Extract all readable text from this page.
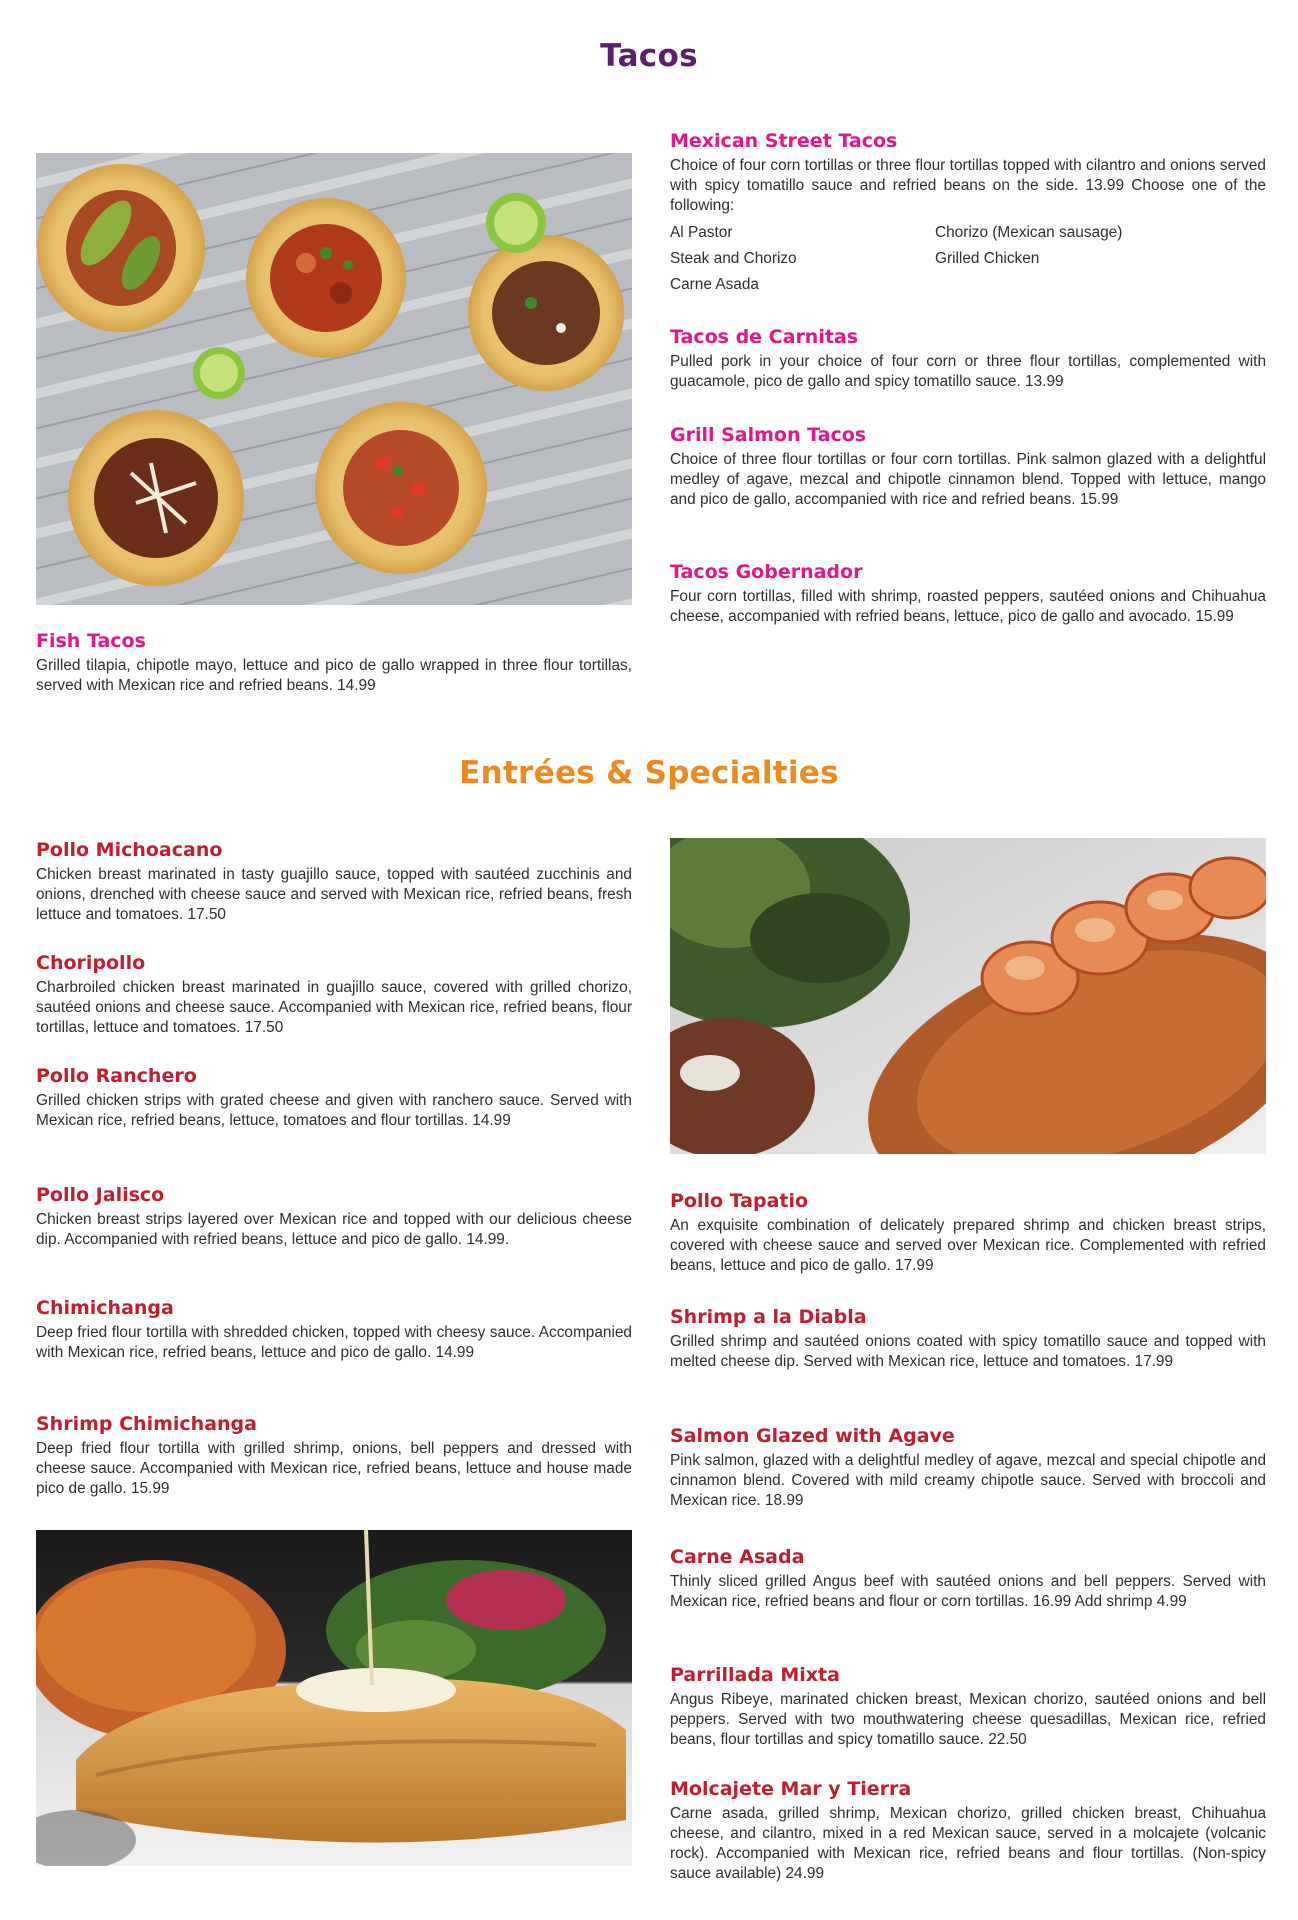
Tacos
Mexican Street Tacos

Choice of four corn tortillas or three flour tortillas topped with cilantro and onions served with spicy tomatillo sauce and refried beans on the side. 13.99 Choose one of the following:

Al Pastor	Chorizo (Mexican sausage)
Steak and Chorizo	Grilled Chicken
Carne Asada
Tacos de Carnitas

Pulled pork in your choice of four corn or three flour tortillas, complemented with guacamole, pico de gallo and spicy tomatillo sauce. 13.99

Grill Salmon Tacos

Choice of three flour tortillas or four corn tortillas. Pink salmon glazed with a delightful medley of agave, mezcal and chipotle cinnamon blend. Topped with lettuce, mango and pico de gallo, accompanied with rice and refried beans. 15.99

Tacos Gobernador

Four corn tortillas, filled with shrimp, roasted peppers, sautéed onions and Chihuahua cheese, accompanied with refried beans, lettuce, pico de gallo and avocado. 15.99

Fish Tacos

Grilled tilapia, chipotle mayo, lettuce and pico de gallo wrapped in three flour tortillas, served with Mexican rice and refried beans. 14.99

Entrées & Specialties
Pollo Michoacano

Chicken breast marinated in tasty guajillo sauce, topped with sautéed zucchinis and onions, drenched with cheese sauce and served with Mexican rice, refried beans, fresh lettuce and tomatoes. 17.50

Choripollo

Charbroiled chicken breast marinated in guajillo sauce, covered with grilled chorizo, sautéed onions and cheese sauce. Accompanied with Mexican rice, refried beans, flour tortillas, lettuce and tomatoes. 17.50

Pollo Ranchero

Grilled chicken strips with grated cheese and given with ranchero sauce. Served with Mexican rice, refried beans, lettuce, tomatoes and flour tortillas. 14.99

Pollo Jalisco

Chicken breast strips layered over Mexican rice and topped with our delicious cheese dip. Accompanied with refried beans, lettuce and pico de gallo. 14.99.

Chimichanga

Deep fried flour tortilla with shredded chicken, topped with cheesy sauce. Accompanied with Mexican rice, refried beans, lettuce and pico de gallo. 14.99

Shrimp Chimichanga

Deep fried flour tortilla with grilled shrimp, onions, bell peppers and dressed with cheese sauce. Accompanied with Mexican rice, refried beans, lettuce and house made pico de gallo. 15.99

Pollo Tapatio

An exquisite combination of delicately prepared shrimp and chicken breast strips, covered with cheese sauce and served over Mexican rice. Complemented with refried beans, lettuce and pico de gallo. 17.99

Shrimp a la Diabla

Grilled shrimp and sautéed onions coated with spicy tomatillo sauce and topped with melted cheese dip. Served with Mexican rice, lettuce and tomatoes. 17.99

Salmon Glazed with Agave

Pink salmon, glazed with a delightful medley of agave, mezcal and special chipotle and cinnamon blend. Covered with mild creamy chipotle sauce. Served with broccoli and Mexican rice. 18.99

Carne Asada

Thinly sliced grilled Angus beef with sautéed onions and bell peppers. Served with Mexican rice, refried beans and flour or corn tortillas. 16.99 Add shrimp 4.99

Parrillada Mixta

Angus Ribeye, marinated chicken breast, Mexican chorizo, sautéed onions and bell peppers. Served with two mouthwatering cheese quesadillas, Mexican rice, refried beans, flour tortillas and spicy tomatillo sauce. 22.50

Molcajete Mar y Tierra

Carne asada, grilled shrimp, Mexican chorizo, grilled chicken breast, Chihuahua cheese, and cilantro, mixed in a red Mexican sauce, served in a molcajete (volcanic rock). Accompanied with Mexican rice, refried beans and flour tortillas. (Non-spicy sauce available) 24.99
